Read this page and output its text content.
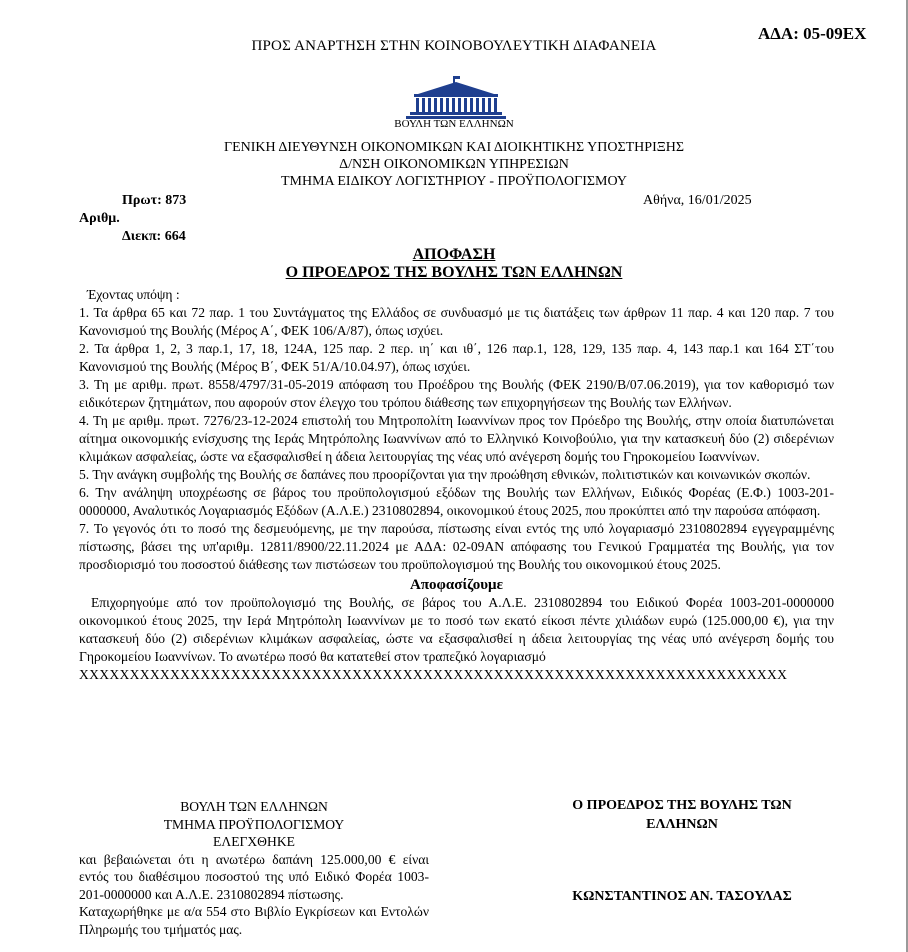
ΑΔΑ: 05-09ΕΧ
ΠΡΟΣ ΑΝΑΡΤΗΣΗ ΣΤΗΝ ΚΟΙΝΟΒΟΥΛΕΥΤΙΚΗ ΔΙΑΦΑΝΕΙΑ
ΒΟΥΛΗ ΤΩΝ ΕΛΛΗΝΩΝ
ΓΕΝΙΚΗ ΔΙΕΥΘΥΝΣΗ ΟΙΚΟΝΟΜΙΚΩΝ ΚΑΙ ΔΙΟΙΚΗΤΙΚΗΣ ΥΠΟΣΤΗΡΙΞΗΣ
Δ/ΝΣΗ ΟΙΚΟΝΟΜΙΚΩΝ ΥΠΗΡΕΣΙΩΝ
ΤΜΗΜΑ ΕΙΔΙΚΟΥ ΛΟΓΙΣΤΗΡΙΟΥ - ΠΡΟΫΠΟΛΟΓΙΣΜΟΥ
Πρωτ: 873	Αθήνα, 16/01/2025
Αριθμ.
Διεκπ: 664
ΑΠΟΦΑΣΗ
Ο ΠΡΟΕΔΡΟΣ ΤΗΣ ΒΟΥΛΗΣ ΤΩΝ ΕΛΛΗΝΩΝ

Έχοντας υπόψη :

1. Τα άρθρα 65 και 72 παρ. 1 του Συντάγματος της Ελλάδος σε συνδυασμό με τις διατάξεις των άρθρων 11 παρ. 4 και 120 παρ. 7 του Κανονισμού της Βουλής (Μέρος Α΄, ΦΕΚ 106/Α/87), όπως ισχύει.

2. Τα άρθρα 1, 2, 3 παρ.1, 17, 18, 124Α, 125 παρ. 2 περ. ιη΄ και ιθ΄, 126 παρ.1, 128, 129, 135 παρ. 4, 143 παρ.1 και 164 ΣΤ΄του Κανονισμού της Βουλής (Μέρος Β΄, ΦΕΚ 51/Α/10.04.97), όπως ισχύει.

3. Τη με αριθμ. πρωτ. 8558/4797/31-05-2019 απόφαση του Προέδρου της Βουλής (ΦΕΚ 2190/Β/07.06.2019), για τον καθορισμό των ειδικότερων ζητημάτων, που αφορούν στον έλεγχο του τρόπου διάθεσης των επιχορηγήσεων της Βουλής των Ελλήνων.

4. Τη με αριθμ. πρωτ. 7276/23-12-2024 επιστολή του Μητροπολίτη Ιωαννίνων προς τον Πρόεδρο της Βουλής, στην οποία διατυπώνεται αίτημα οικονομικής ενίσχυσης της Ιεράς Μητρόπολης Ιωαννίνων από το Ελληνικό Κοινοβούλιο, για την κατασκευή δύο (2) σιδερένιων κλιμάκων ασφαλείας, ώστε να εξασφαλισθεί η άδεια λειτουργίας της νέας υπό ανέγερση δομής του Γηροκομείου Ιωαννίνων.

5. Την ανάγκη συμβολής της Βουλής σε δαπάνες που προορίζονται για την προώθηση εθνικών, πολιτιστικών και κοινωνικών σκοπών.

6. Την ανάληψη υποχρέωσης σε βάρος του προϋπολογισμού εξόδων της Βουλής των Ελλήνων, Ειδικός Φορέας (Ε.Φ.) 1003-201-0000000, Αναλυτικός Λογαριασμός Εξόδων (Α.Λ.Ε.) 2310802894, οικονομικού έτους 2025, που προκύπτει από την παρούσα απόφαση.

7. Το γεγονός ότι το ποσό της δεσμευόμενης, με την παρούσα, πίστωσης είναι εντός της υπό λογαριασμό 2310802894 εγγεγραμμένης πίστωσης, βάσει της υπ'αριθμ. 12811/8900/22.11.2024 με ΑΔΑ: 02-09ΑΝ απόφασης του Γενικού Γραμματέα της Βουλής, για τον προσδιορισμό του ποσοστού διάθεσης των πιστώσεων του προϋπολογισμού της Βουλής του οικονομικού έτους 2025.

Αποφασίζουμε

Επιχορηγούμε από τον προϋπολογισμό της Βουλής, σε βάρος του Α.Λ.Ε. 2310802894 του Ειδικού Φορέα 1003-201-0000000 οικονομικού έτους 2025, την Ιερά Μητρόπολη Ιωαννίνων με το ποσό των εκατό είκοσι πέντε χιλιάδων ευρώ (125.000,00 €), για την κατασκευή δύο (2) σιδερένιων κλιμάκων ασφαλείας, ώστε να εξασφαλισθεί η άδεια λειτουργίας της νέας υπό ανέγερση δομής του Γηροκομείου Ιωαννίνων. Το ανωτέρω ποσό θα κατατεθεί στον τραπεζικό λογαριασμό

XXXXXXXXXXXXXXXXXXXXXXXXXXXXXXXXXXXXXXXXXXXXXXXXXXXXXXXXXXXXXXXXXXXXXX

ΒΟΥΛΗ ΤΩΝ ΕΛΛΗΝΩΝ
ΤΜΗΜΑ ΠΡΟΫΠΟΛΟΓΙΣΜΟΥ
ΕΛΕΓΧΘΗΚΕ
και βεβαιώνεται ότι η ανωτέρω δαπάνη 125.000,00 € είναι εντός του διαθέσιμου ποσοστού της υπό Ειδικό Φορέα 1003-201-0000000 και Α.Λ.Ε. 2310802894 πίστωσης.
Καταχωρήθηκε με α/α 554 στο Βιβλίο Εγκρίσεων και Εντολών Πληρωμής του τμήματός μας.
Ο ΠΡΟΕΔΡΟΣ ΤΗΣ ΒΟΥΛΗΣ ΤΩΝ ΕΛΛΗΝΩΝ
ΚΩΝΣΤΑΝΤΙΝΟΣ ΑΝ. ΤΑΣΟΥΛΑΣ
